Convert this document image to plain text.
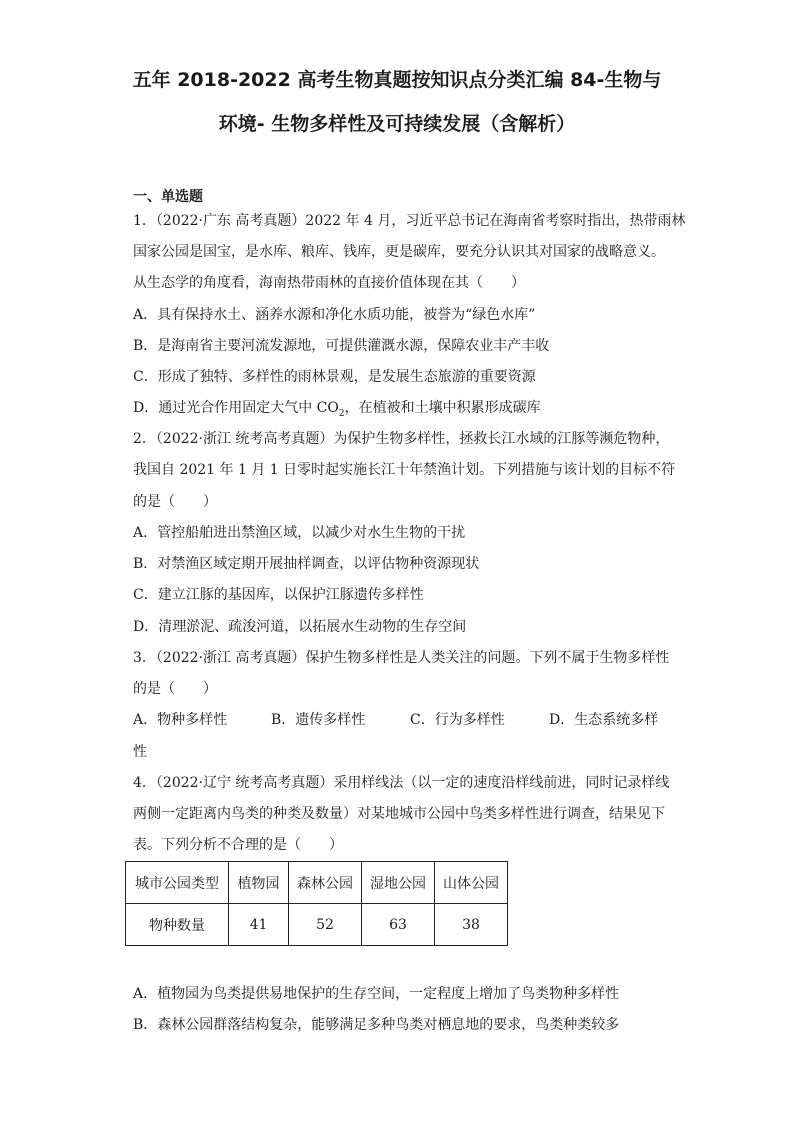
五年 2018-2022 高考生物真题按知识点分类汇编 84-生物与
环境- 生物多样性及可持续发展（含解析）
一、单选题
1．（2022·广东 高考真题）2022 年 4 月，习近平总书记在海南省考察时指出，热带雨林
国家公园是国宝，是水库、粮库、钱库，更是碳库，要充分认识其对国家的战略意义。
从生态学的角度看，海南热带雨林的直接价值体现在其（　　）
A．具有保持水土、涵养水源和净化水质功能，被誉为“绿色水库”
B．是海南省主要河流发源地，可提供灌溉水源，保障农业丰产丰收
C．形成了独特、多样性的雨林景观，是发展生态旅游的重要资源
D．通过光合作用固定大气中 $CO_2$，在植被和土壤中积累形成碳库
2．（2022·浙江 统考高考真题）为保护生物多样性，拯救长江水域的江豚等濒危物种，
我国自 2021 年 1 月 1 日零时起实施长江十年禁渔计划。下列措施与该计划的目标不符
的是（　　）
A．管控船舶进出禁渔区域，以减少对水生生物的干扰
B．对禁渔区域定期开展抽样调查，以评估物种资源现状
C．建立江豚的基因库，以保护江豚遗传多样性
D．清理淤泥、疏浚河道，以拓展水生动物的生存空间
3．（2022·浙江 高考真题）保护生物多样性是人类关注的问题。下列不属于生物多样性
的是（　　）
A．物种多样性	B．遗传多样性	C．行为多样性	D．生态系统多样
性
4．（2022·辽宁 统考高考真题）采用样线法（以一定的速度沿样线前进，同时记录样线
两侧一定距离内鸟类的种类及数量）对某地城市公园中鸟类多样性进行调查，结果见下
表。下列分析不合理的是（　　）
城市公园类型	植物园	森林公园	湿地公园	山体公园
物种数量	41	52	63	38
A．植物园为鸟类提供易地保护的生存空间，一定程度上增加了鸟类物种多样性
B．森林公园群落结构复杂，能够满足多种鸟类对栖息地的要求，鸟类种类较多
